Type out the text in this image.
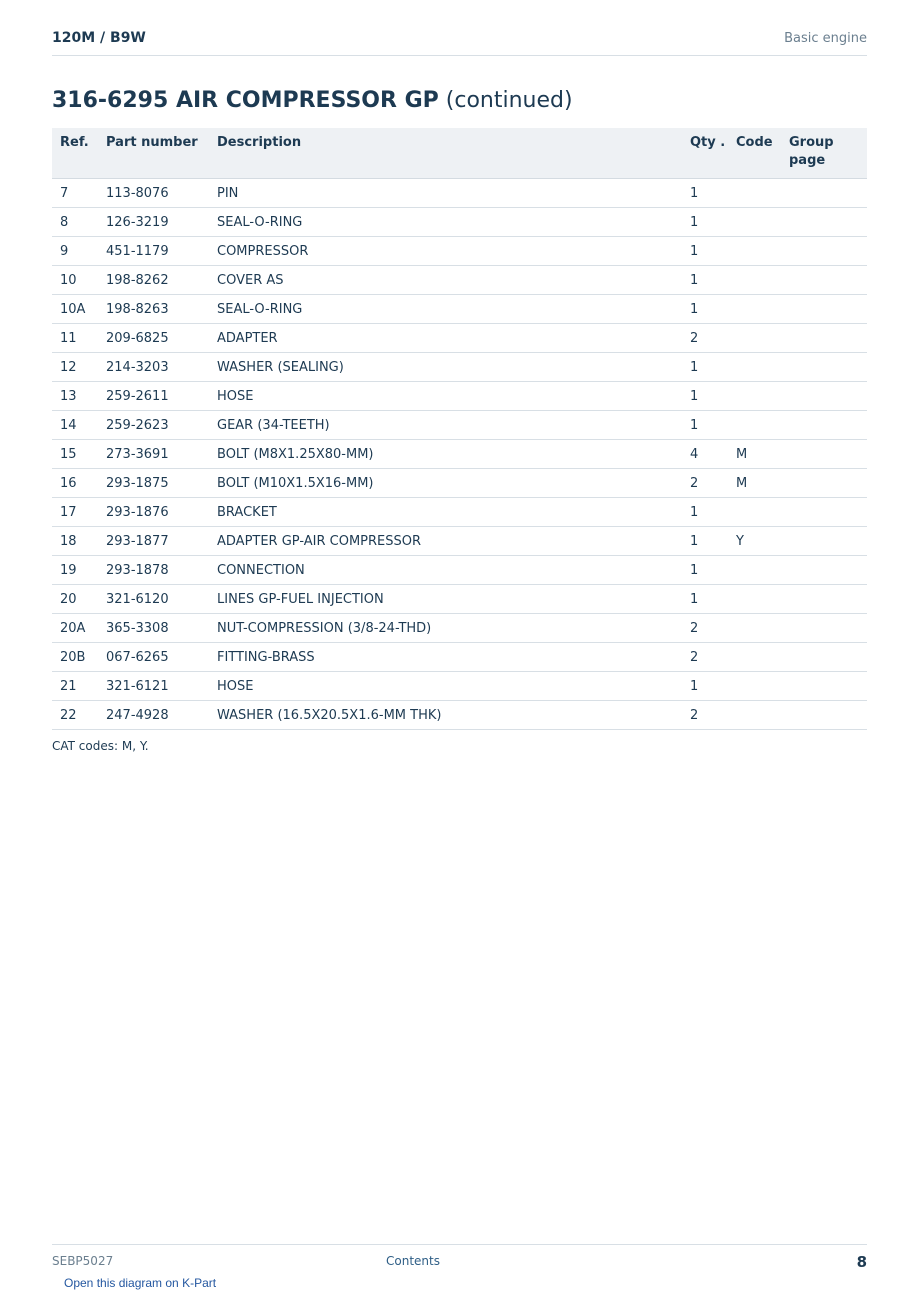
120M / B9W	Basic engine
316-6295 AIR COMPRESSOR GP (continued)
Ref.	Part number	Description	Qty .	Code	Group page
7	113-8076	PIN	1		
8	126-3219	SEAL-O-RING	1		
9	451-1179	COMPRESSOR	1		
10	198-8262	COVER AS	1		
10A	198-8263	SEAL-O-RING	1		
11	209-6825	ADAPTER	2		
12	214-3203	WASHER (SEALING)	1		
13	259-2611	HOSE	1		
14	259-2623	GEAR (34-TEETH)	1		
15	273-3691	BOLT (M8X1.25X80-MM)	4	M	
16	293-1875	BOLT (M10X1.5X16-MM)	2	M	
17	293-1876	BRACKET	1		
18	293-1877	ADAPTER GP-AIR COMPRESSOR	1	Y	
19	293-1878	CONNECTION	1		
20	321-6120	LINES GP-FUEL INJECTION	1		
20A	365-3308	NUT-COMPRESSION (3/8-24-THD)	2		
20B	067-6265	FITTING-BRASS	2		
21	321-6121	HOSE	1		
22	247-4928	WASHER (16.5X20.5X1.6-MM THK)	2		
CAT codes: M, Y.
SEBP5027	Contents	8
Open this diagram on K-Part
